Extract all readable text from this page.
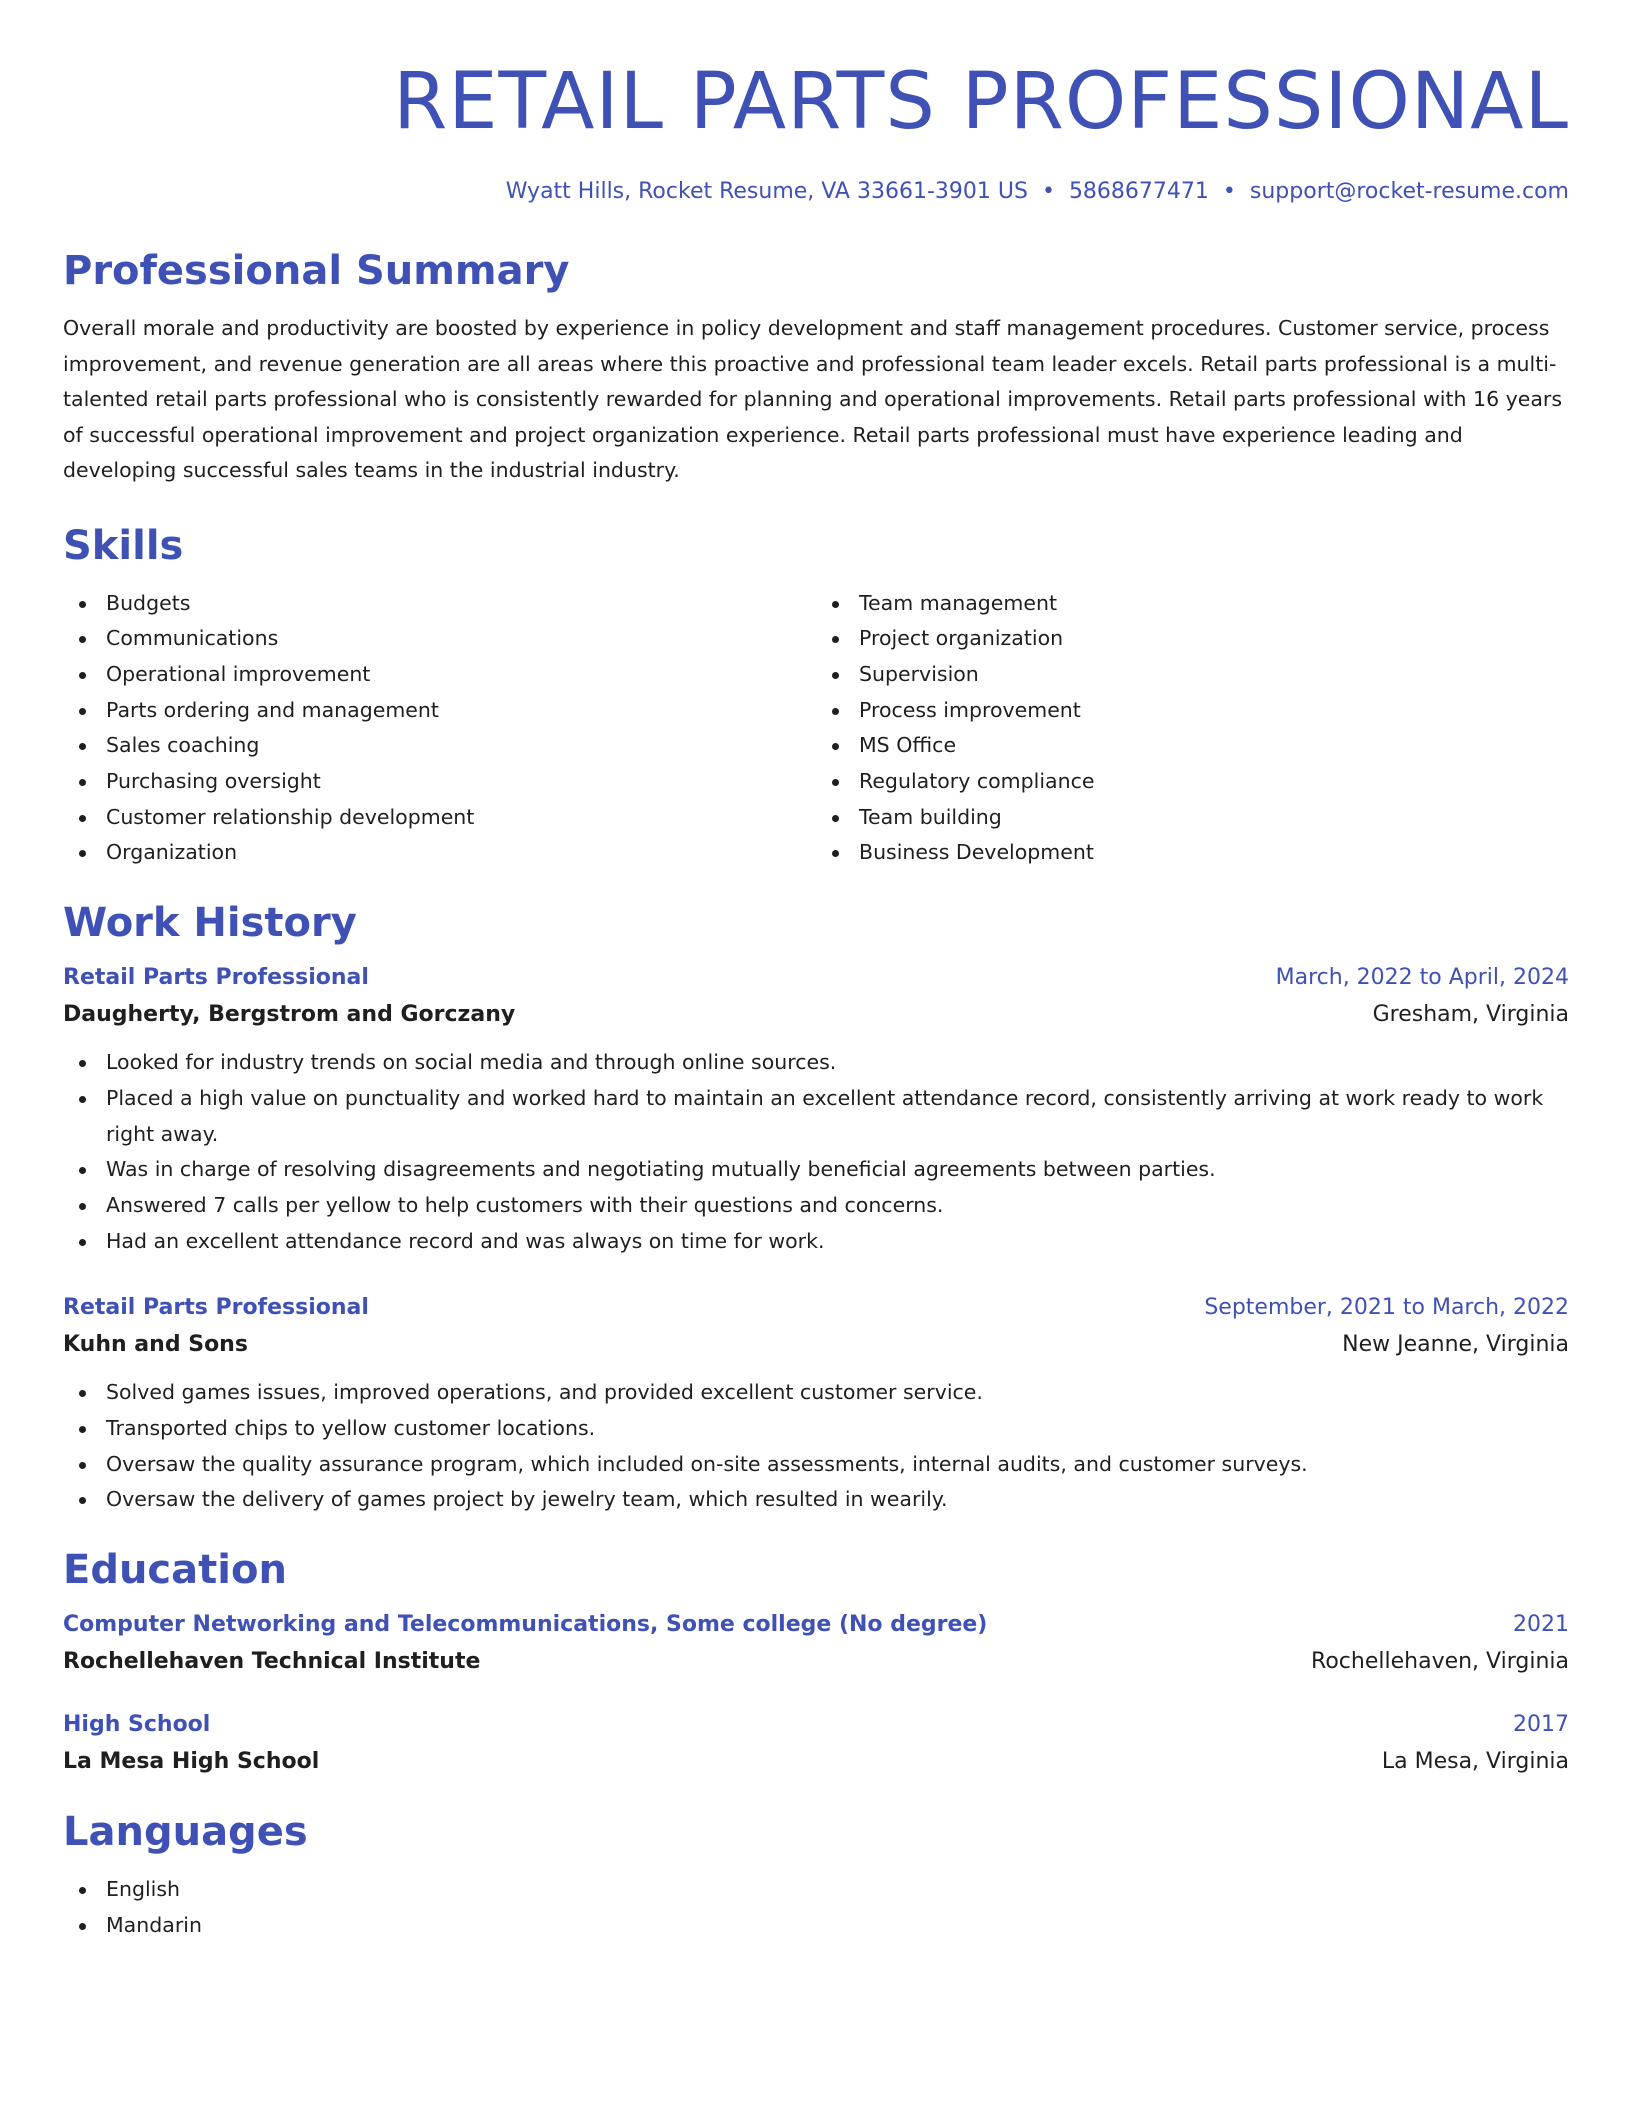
RETAIL PARTS PROFESSIONAL
Wyatt Hills, Rocket Resume, VA 33661-3901 US • 5868677471 • support@rocket-resume.com
Professional Summary
Overall morale and productivity are boosted by experience in policy development and staff management procedures. Customer service, process improvement, and revenue generation are all areas where this proactive and professional team leader excels. Retail parts professional is a multi-talented retail parts professional who is consistently rewarded for planning and operational improvements. Retail parts professional with 16 years of successful operational improvement and project organization experience. Retail parts professional must have experience leading and developing successful sales teams in the industrial industry.
Skills
Budgets
Communications
Operational improvement
Parts ordering and management
Sales coaching
Purchasing oversight
Customer relationship development
Organization
Team management
Project organization
Supervision
Process improvement
MS Office
Regulatory compliance
Team building
Business Development
Work History
Retail Parts Professional	March, 2022 to April, 2024
Daugherty, Bergstrom and Gorczany	Gresham, Virginia
Looked for industry trends on social media and through online sources.
Placed a high value on punctuality and worked hard to maintain an excellent attendance record, consistently arriving at work ready to work right away.
Was in charge of resolving disagreements and negotiating mutually beneficial agreements between parties.
Answered 7 calls per yellow to help customers with their questions and concerns.
Had an excellent attendance record and was always on time for work.
Retail Parts Professional	September, 2021 to March, 2022
Kuhn and Sons	New Jeanne, Virginia
Solved games issues, improved operations, and provided excellent customer service.
Transported chips to yellow customer locations.
Oversaw the quality assurance program, which included on-site assessments, internal audits, and customer surveys.
Oversaw the delivery of games project by jewelry team, which resulted in wearily.
Education
Computer Networking and Telecommunications, Some college (No degree)	2021
Rochellehaven Technical Institute	Rochellehaven, Virginia
High School	2017
La Mesa High School	La Mesa, Virginia
Languages
English
Mandarin
